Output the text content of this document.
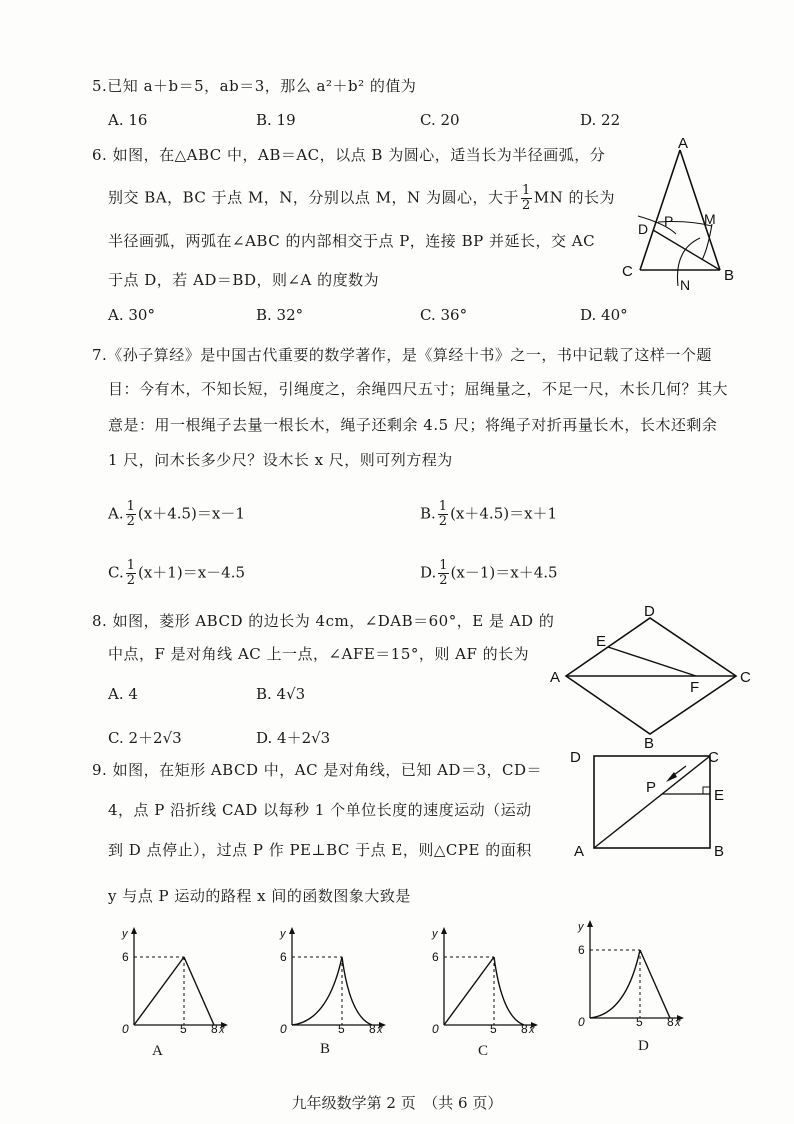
5.已知 a＋b＝5，ab＝3，那么 a²＋b² 的值为
A. 16	B. 19	C. 20	D. 22
6. 如图，在△ABC 中，AB＝AC，以点 B 为圆心，适当长为半径画弧，分
别交 BA，BC 于点 M，N，分别以点 M，N 为圆心，大于 $\frac{1}{2}$ MN 的长为
半径画弧，两弧在∠ABC 的内部相交于点 P，连接 BP 并延长，交 AC
于点 D，若 AD＝BD，则∠A 的度数为
A. 30°	B. 32°	C. 36°	D. 40°
A
P M
D
C	B
N
7.《孙子算经》是中国古代重要的数学著作，是《算经十书》之一，书中记载了这样一个题
目：今有木，不知长短，引绳度之，余绳四尺五寸；屈绳量之，不足一尺，木长几何？其大
意是：用一根绳子去量一根长木，绳子还剩余 4.5 尺；将绳子对折再量长木，长木还剩余
1 尺，问木长多少尺？设木长 x 尺，则可列方程为
A. $\frac{1}{2} (x+4.5)=x-1$	B. $\frac{1}{2} (x+4.5)=x+1$
C. $\frac{1}{2} (x+1)=x-4.5$	D. $\frac{1}{2} (x-1)=x+4.5$
8. 如图，菱形 ABCD 的边长为 4cm，∠DAB＝60°，E 是 AD 的
中点，F 是对角线 AC 上一点，∠AFE＝15°，则 AF 的长为
A. 4	B. 4√3
C. 2＋2√3	D. 4＋2√3
D
E
A
F
C
B
9. 如图，在矩形 ABCD 中，AC 是对角线，已知 AD＝3，CD＝
4，点 P 沿折线 CAD 以每秒 1 个单位长度的速度运动（运动
到 D 点停止），过点 P 作 PE⊥BC 于点 E，则△CPE 的面积
y 与点 P 运动的路程 x 间的函数图象大致是
D	C
P	E
A	B
y
6
0	5 8 x
A
y
6
0	5 8 x
B
y
6
0	5 8 x
C
y
6
0	5 8 x
D
九年级数学第 2 页　（共 6 页）
